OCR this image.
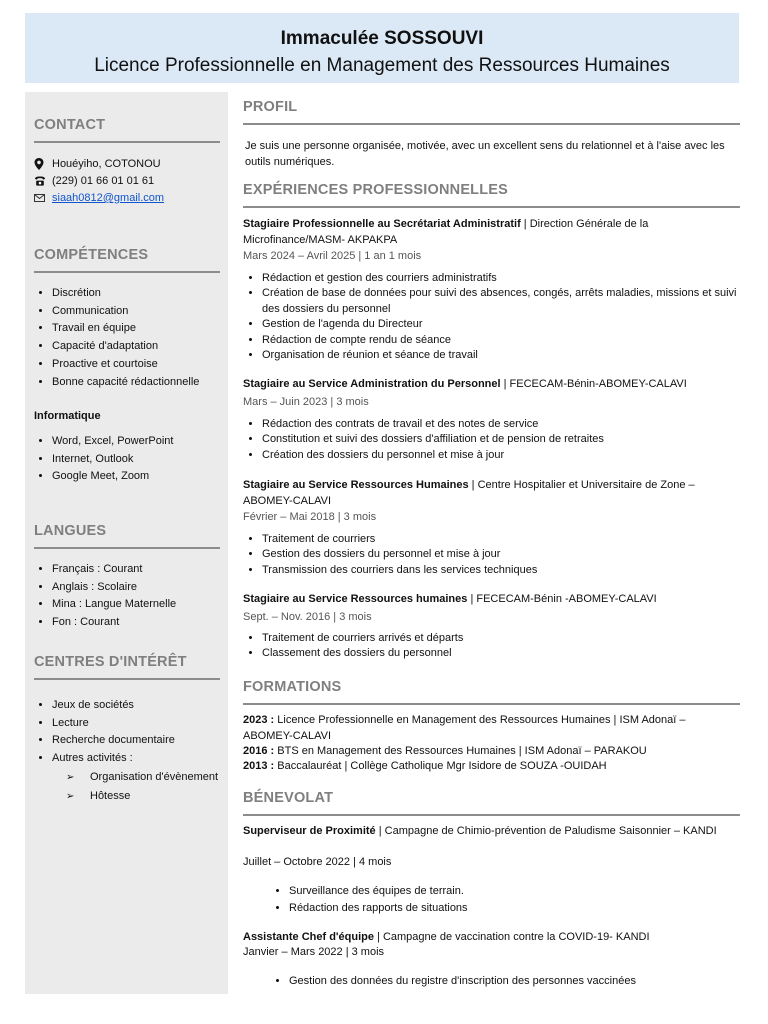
Immaculée SOSSOUVI
Licence Professionnelle en Management des Ressources Humaines
CONTACT
Houéyiho, COTONOU
(229) 01 66 01 01 61
siaah0812@gmail.com
COMPÉTENCES
• Discrétion
• Communication
• Travail en équipe
• Capacité d'adaptation
• Proactive et courtoise
• Bonne capacité rédactionnelle
Informatique
• Word, Excel, PowerPoint
• Internet, Outlook
• Google Meet, Zoom
LANGUES
• Français : Courant
• Anglais : Scolaire
• Mina : Langue Maternelle
• Fon : Courant
CENTRES D'INTÉRÊT
• Jeux de sociétés
• Lecture
• Recherche documentaire
• Autres activités :
➢ Organisation d'évènement
➢ Hôtesse
PROFIL
Je suis une personne organisée, motivée, avec un excellent sens du relationnel et à l'aise avec les outils numériques.
EXPÉRIENCES PROFESSIONNELLES
Stagiaire Professionnelle au Secrétariat Administratif | Direction Générale de la Microfinance/MASM- AKPAKPA
Mars 2024 – Avril 2025 | 1 an 1 mois
• Rédaction et gestion des courriers administratifs
• Création de base de données pour suivi des absences, congés, arrêts maladies, missions et suivi des dossiers du personnel
• Gestion de l'agenda du Directeur
• Rédaction de compte rendu de séance
• Organisation de réunion et séance de travail
Stagiaire au Service Administration du Personnel | FECECAM-Bénin-ABOMEY-CALAVI
Mars – Juin 2023 | 3 mois
• Rédaction des contrats de travail et des notes de service
• Constitution et suivi des dossiers d'affiliation et de pension de retraites
• Création des dossiers du personnel et mise à jour
Stagiaire au Service Ressources Humaines | Centre Hospitalier et Universitaire de Zone – ABOMEY-CALAVI
Février – Mai 2018 | 3 mois
• Traitement de courriers
• Gestion des dossiers du personnel et mise à jour
• Transmission des courriers dans les services techniques
Stagiaire au Service Ressources humaines | FECECAM-Bénin -ABOMEY-CALAVI
Sept. – Nov. 2016 | 3 mois
• Traitement de courriers arrivés et départs
• Classement des dossiers du personnel
FORMATIONS
2023 : Licence Professionnelle en Management des Ressources Humaines | ISM Adonaï – ABOMEY-CALAVI
2016 : BTS en Management des Ressources Humaines | ISM Adonaï – PARAKOU
2013 : Baccalauréat | Collège Catholique Mgr Isidore de SOUZA -OUIDAH
BÉNEVOLAT
Superviseur de Proximité | Campagne de Chimio-prévention de Paludisme Saisonnier – KANDI
Juillet – Octobre 2022 | 4 mois
• Surveillance des équipes de terrain.
• Rédaction des rapports de situations
Assistante Chef d'équipe | Campagne de vaccination contre la COVID-19- KANDI
Janvier – Mars 2022 | 3 mois
• Gestion des données du registre d'inscription des personnes vaccinées
